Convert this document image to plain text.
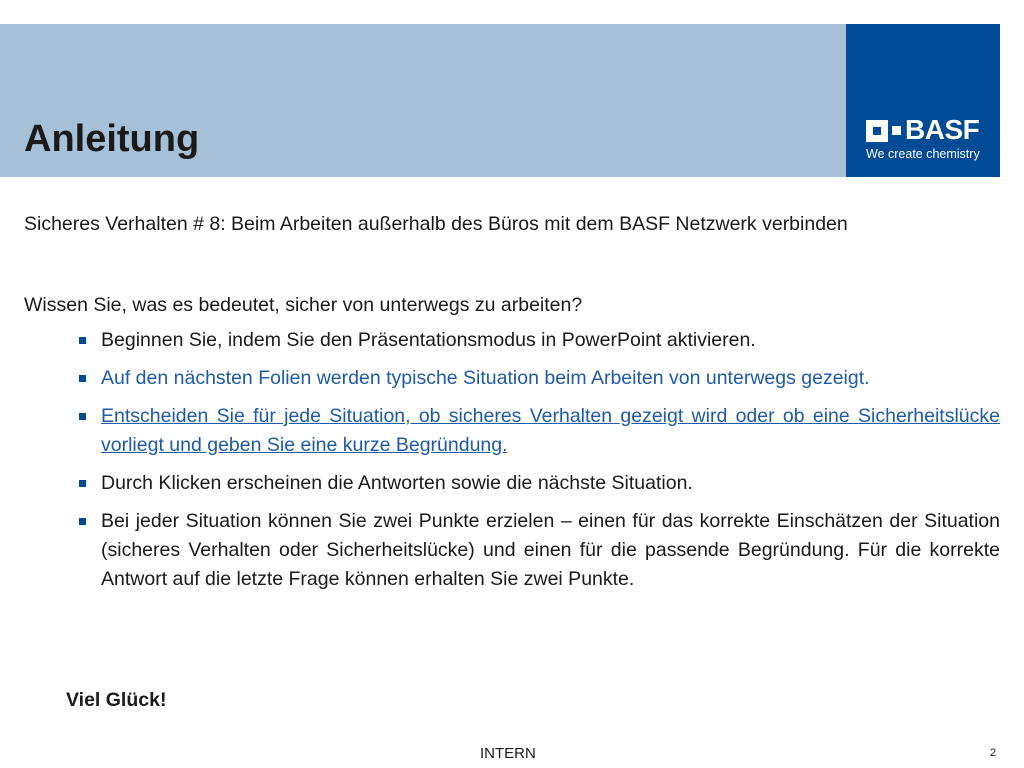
Anleitung	BASF
We create chemistry

Sicheres Verhalten # 8: Beim Arbeiten außerhalb des Büros mit dem BASF Netzwerk verbinden

Wissen Sie, was es bedeutet, sicher von unterwegs zu arbeiten?

Beginnen Sie, indem Sie den Präsentationsmodus in PowerPoint aktivieren.
Auf den nächsten Folien werden typische Situation beim Arbeiten von unterwegs gezeigt.
Entscheiden Sie für jede Situation, ob sicheres Verhalten gezeigt wird oder ob eine Sicherheitslücke vorliegt und geben Sie eine kurze Begründung.
Durch Klicken erscheinen die Antworten sowie die nächste Situation.
Bei jeder Situation können Sie zwei Punkte erzielen – einen für das korrekte Einschätzen der Situation (sicheres Verhalten oder Sicherheitslücke) und einen für die passende Begründung. Für die korrekte Antwort auf die letzte Frage können erhalten Sie zwei Punkte.

Viel Glück!

INTERN	2
